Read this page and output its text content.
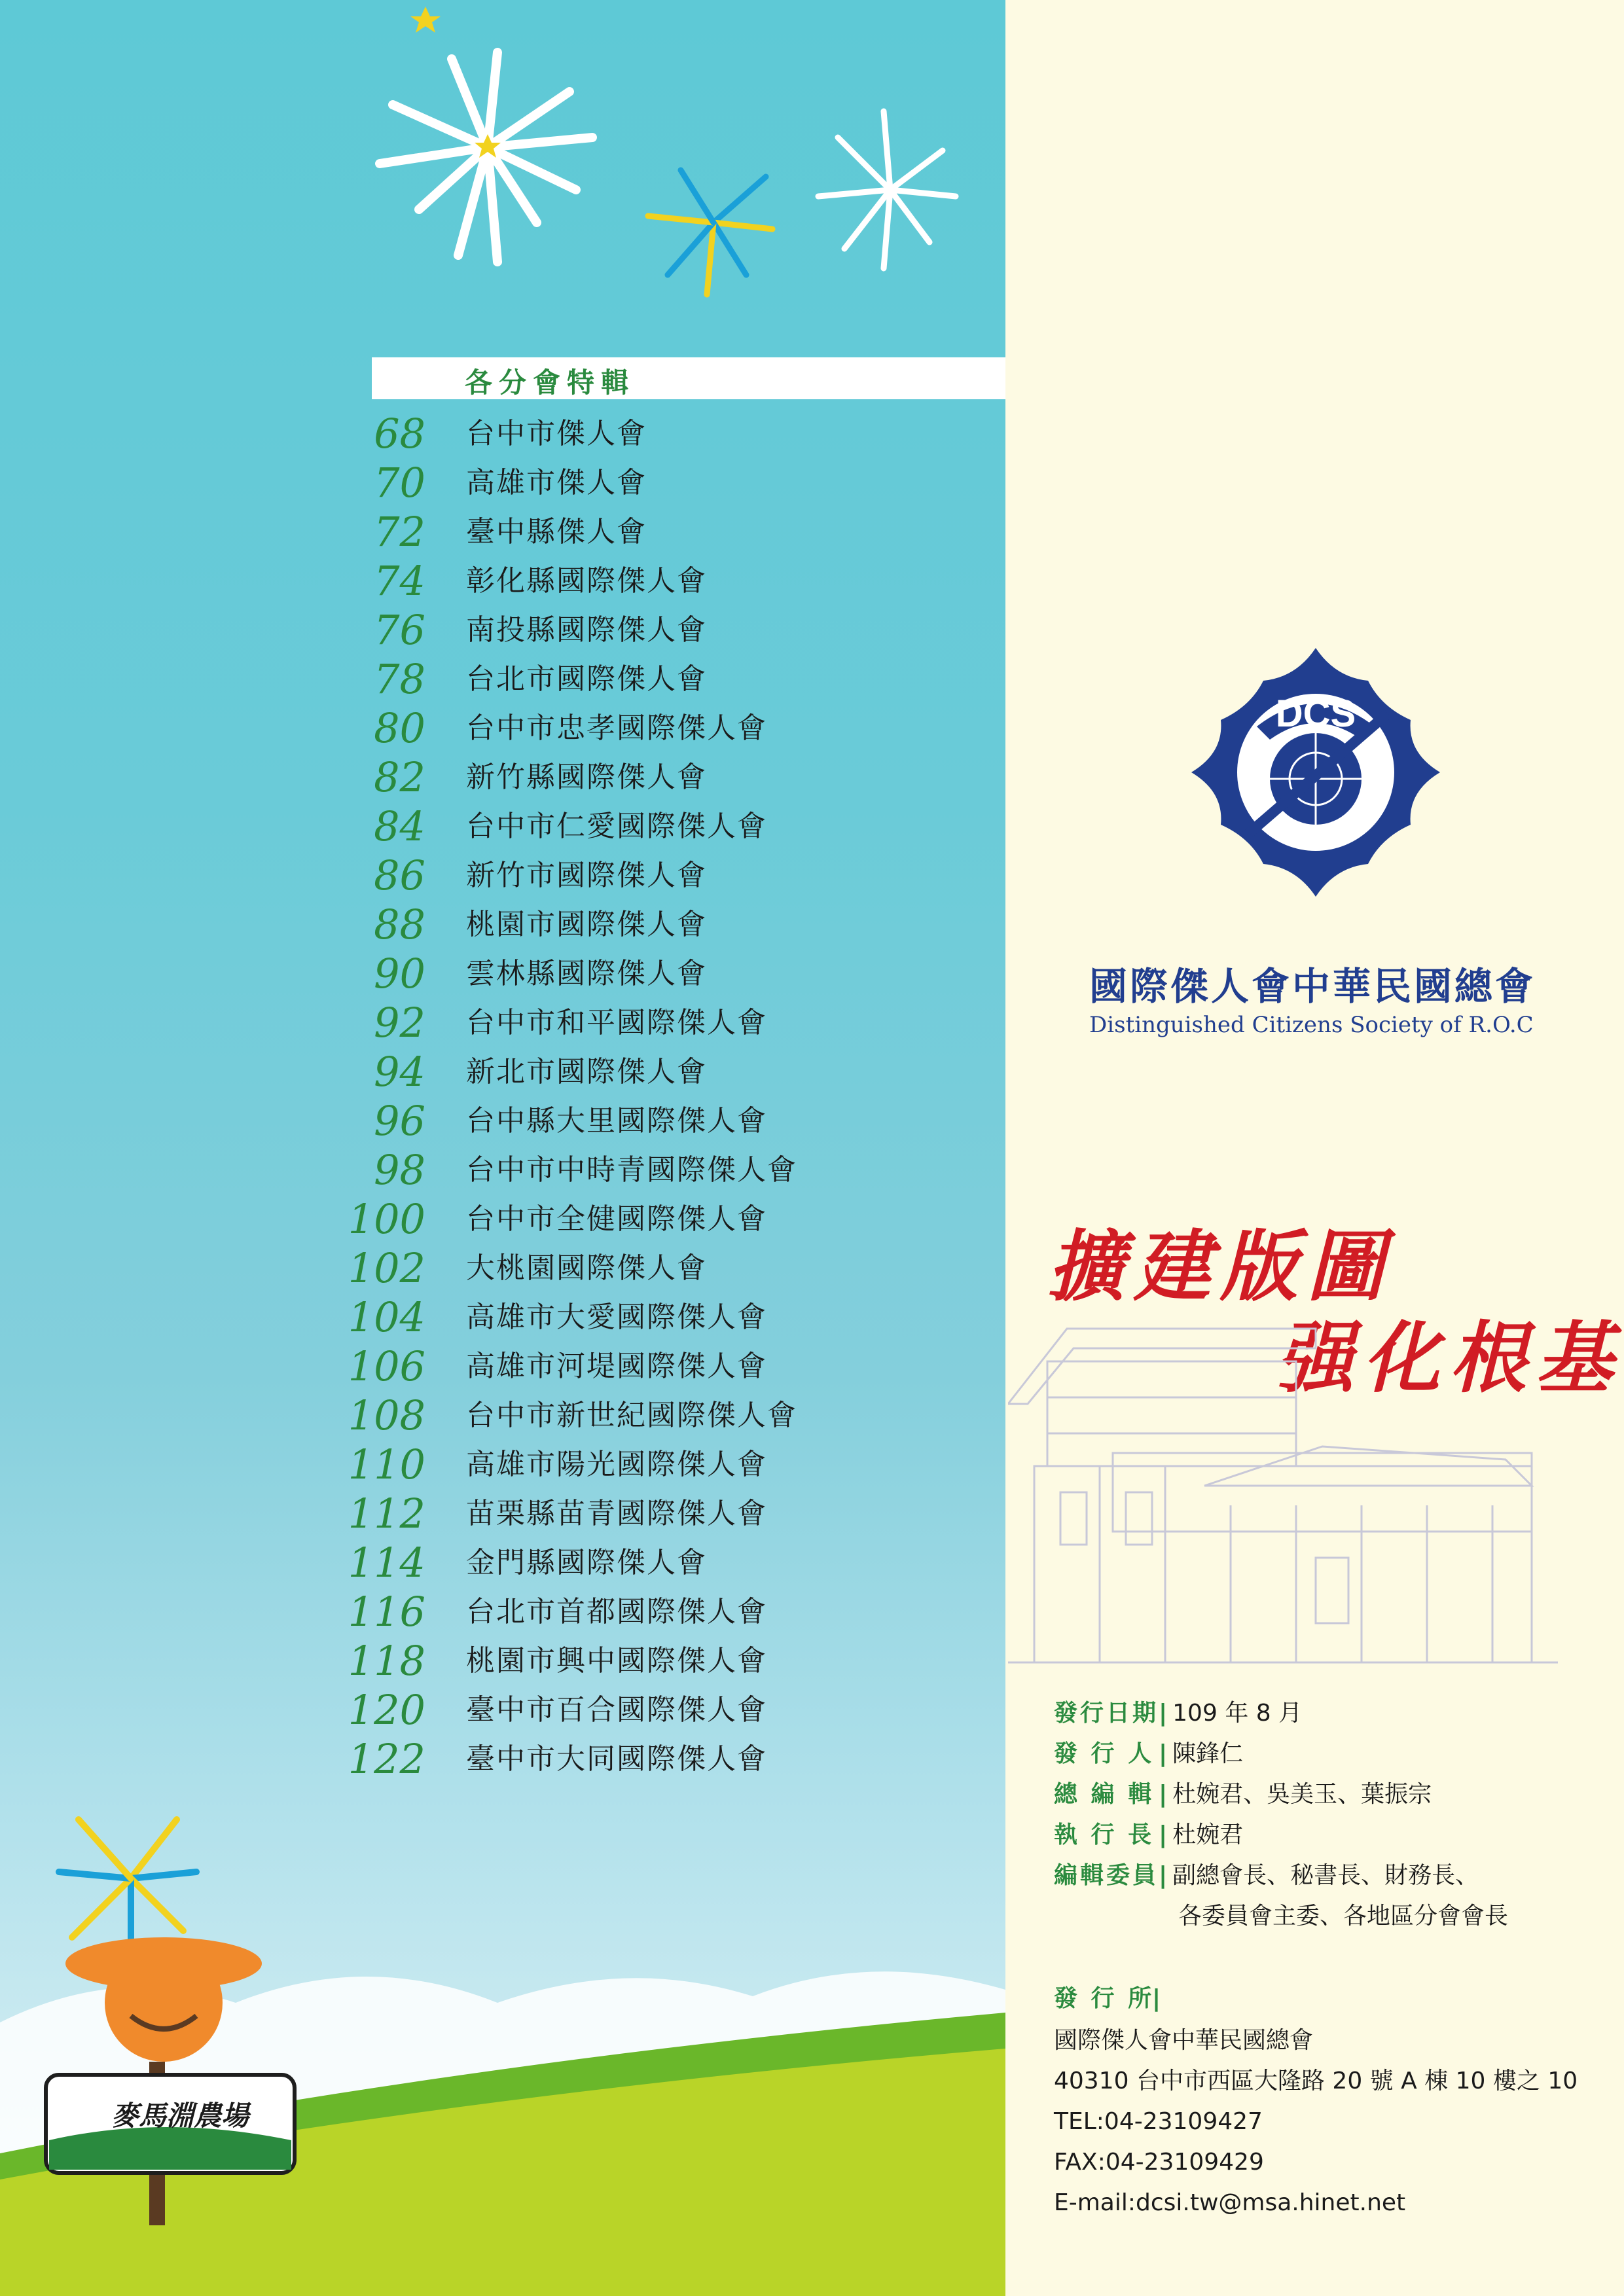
麥馬淵農場
各分會特輯
68 台中市傑人會
70 高雄市傑人會
72 臺中縣傑人會
74 彰化縣國際傑人會
76 南投縣國際傑人會
78 台北市國際傑人會
80 台中市忠孝國際傑人會
82 新竹縣國際傑人會
84 台中市仁愛國際傑人會
86 新竹市國際傑人會
88 桃園市國際傑人會
90 雲林縣國際傑人會
92 台中市和平國際傑人會
94 新北市國際傑人會
96 台中縣大里國際傑人會
98 台中市中時青國際傑人會
100 台中市全健國際傑人會
102 大桃園國際傑人會
104 高雄市大愛國際傑人會
106 高雄市河堤國際傑人會
108 台中市新世紀國際傑人會
110 高雄市陽光國際傑人會
112 苗栗縣苗青國際傑人會
114 金門縣國際傑人會
116 台北市首都國際傑人會
118 桃園市興中國際傑人會
120 臺中市百合國際傑人會
122 臺中市大同國際傑人會
DCS
國際傑人會中華民國總會
Distinguished Citizens Society of R.O.C
擴建版圖
强化根基
發行日期| 109 年 8 月
發 行 人 | 陳鋒仁
總 編 輯 | 杜婉君、吳美玉、葉振宗
執 行 長 | 杜婉君
編輯委員| 副總會長、秘書長、財務長、
各委員會主委、各地區分會會長
發 行 所|
國際傑人會中華民國總會
40310 台中市西區大隆路 20 號 A 棟 10 樓之 10
TEL:04-23109427
FAX:04-23109429
E-mail:dcsi.tw@msa.hinet.net
